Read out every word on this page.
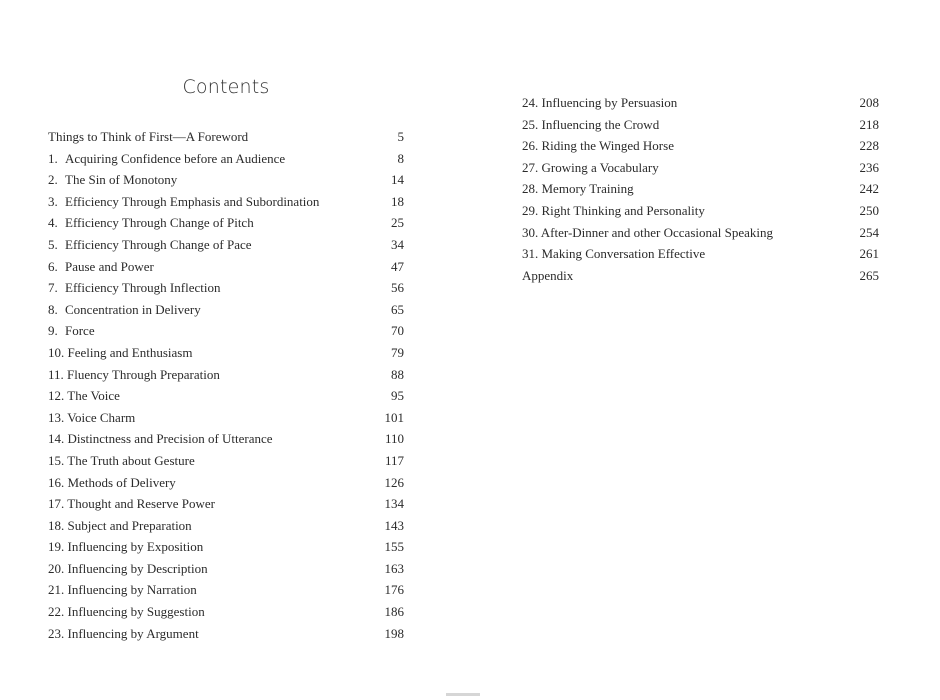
Contents
Things to Think of First—A Foreword	5
1. Acquiring Confidence before an Audience	8
2. The Sin of Monotony	14
3. Efficiency Through Emphasis and Subordination	18
4. Efficiency Through Change of Pitch	25
5. Efficiency Through Change of Pace	34
6. Pause and Power	47
7. Efficiency Through Inflection	56
8. Concentration in Delivery	65
9. Force	70
10. Feeling and Enthusiasm	79
11. Fluency Through Preparation	88
12. The Voice	95
13. Voice Charm	101
14. Distinctness and Precision of Utterance	110
15. The Truth about Gesture	117
16. Methods of Delivery	126
17. Thought and Reserve Power	134
18. Subject and Preparation	143
19. Influencing by Exposition	155
20. Influencing by Description	163
21. Influencing by Narration	176
22. Influencing by Suggestion	186
23. Influencing by Argument	198
24. Influencing by Persuasion	208
25. Influencing the Crowd	218
26. Riding the Winged Horse	228
27. Growing a Vocabulary	236
28. Memory Training	242
29. Right Thinking and Personality	250
30. After-Dinner and other Occasional Speaking	254
31. Making Conversation Effective	261
Appendix	265
